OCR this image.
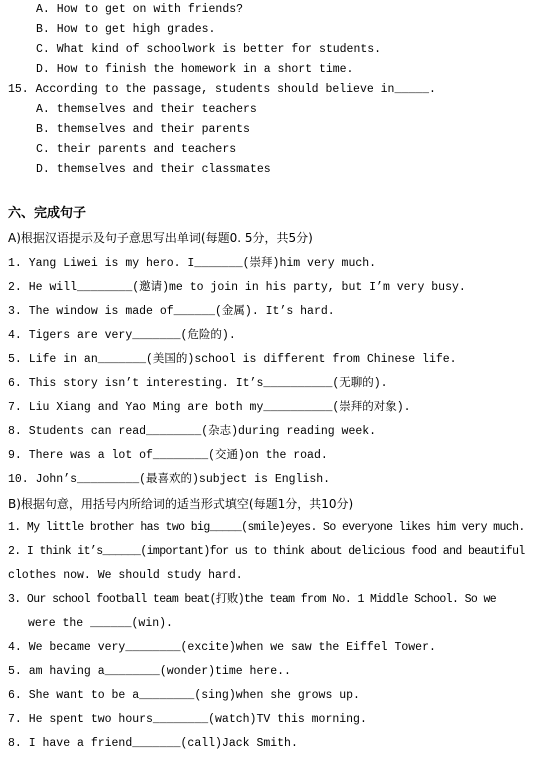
A. How to get on with friends?
B. How to get high grades.
C. What kind of schoolwork is better for students.
D. How to finish the homework in a short time.
15. According to the passage, students should believe in_____.
A. themselves and their teachers
B. themselves and their parents
C. their parents and teachers
D. themselves and their classmates
六、完成句子
A)根据汉语提示及句子意思写出单词(每题0. 5分，共5分)
1. Yang Liwei is my hero. I_______(崇拜)him very much.
2. He will________(邀请)me to join in his party, but I’m very busy.
3. The window is made of______(金属). It’s hard.
4. Tigers are very_______(危险的).
5. Life in an_______(美国的)school is different from Chinese life.
6. This story isn’t interesting. It’s__________(无聊的).
7. Liu Xiang and Yao Ming are both my__________(崇拜的对象).
8. Students can read________(杂志)during reading week.
9. There was a lot of________(交通)on the road.
10. John’s_________(最喜欢的)subject is English.
B)根据句意，用括号内所给词的适当形式填空(每题1分，共10分)
1. My little brother has two big_____(smile)eyes. So everyone likes him very much.
2. I think it’s______(important)for us to think about delicious food and beautiful
clothes now. We should study hard.
3. Our school football team beat(打败)the team from No. 1 Middle School. So we
were the ______(win).
4. We became very________(excite)when we saw the Eiffel Tower.
5. am having a________(wonder)time here..
6. She want to be a________(sing)when she grows up.
7. He spent two hours________(watch)TV this morning.
8. I have a friend_______(call)Jack Smith.
